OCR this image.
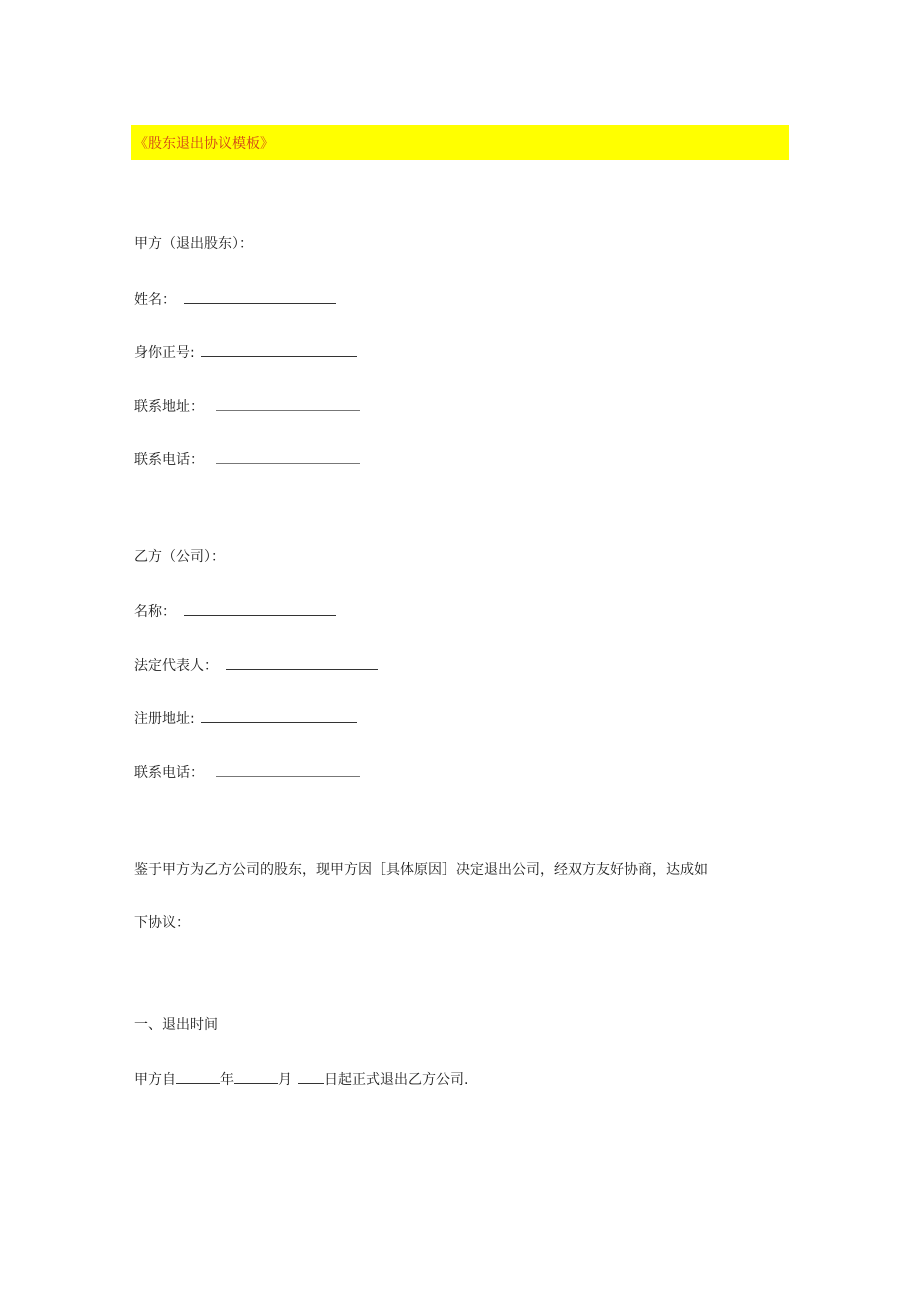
《股东退出协议模板》
甲方（退出股东）：
姓名：
身你正号:
联系地址：
联系电话：
乙方（公司）：
名称：
法定代表人：
注册地址:
联系电话：
鉴于甲方为乙方公司的股东，现甲方因［具体原因］决定退出公司，经双方友好协商，达成如
下协议：
一、退出时间
甲方自	年	月 日起正式退出乙方公司.
